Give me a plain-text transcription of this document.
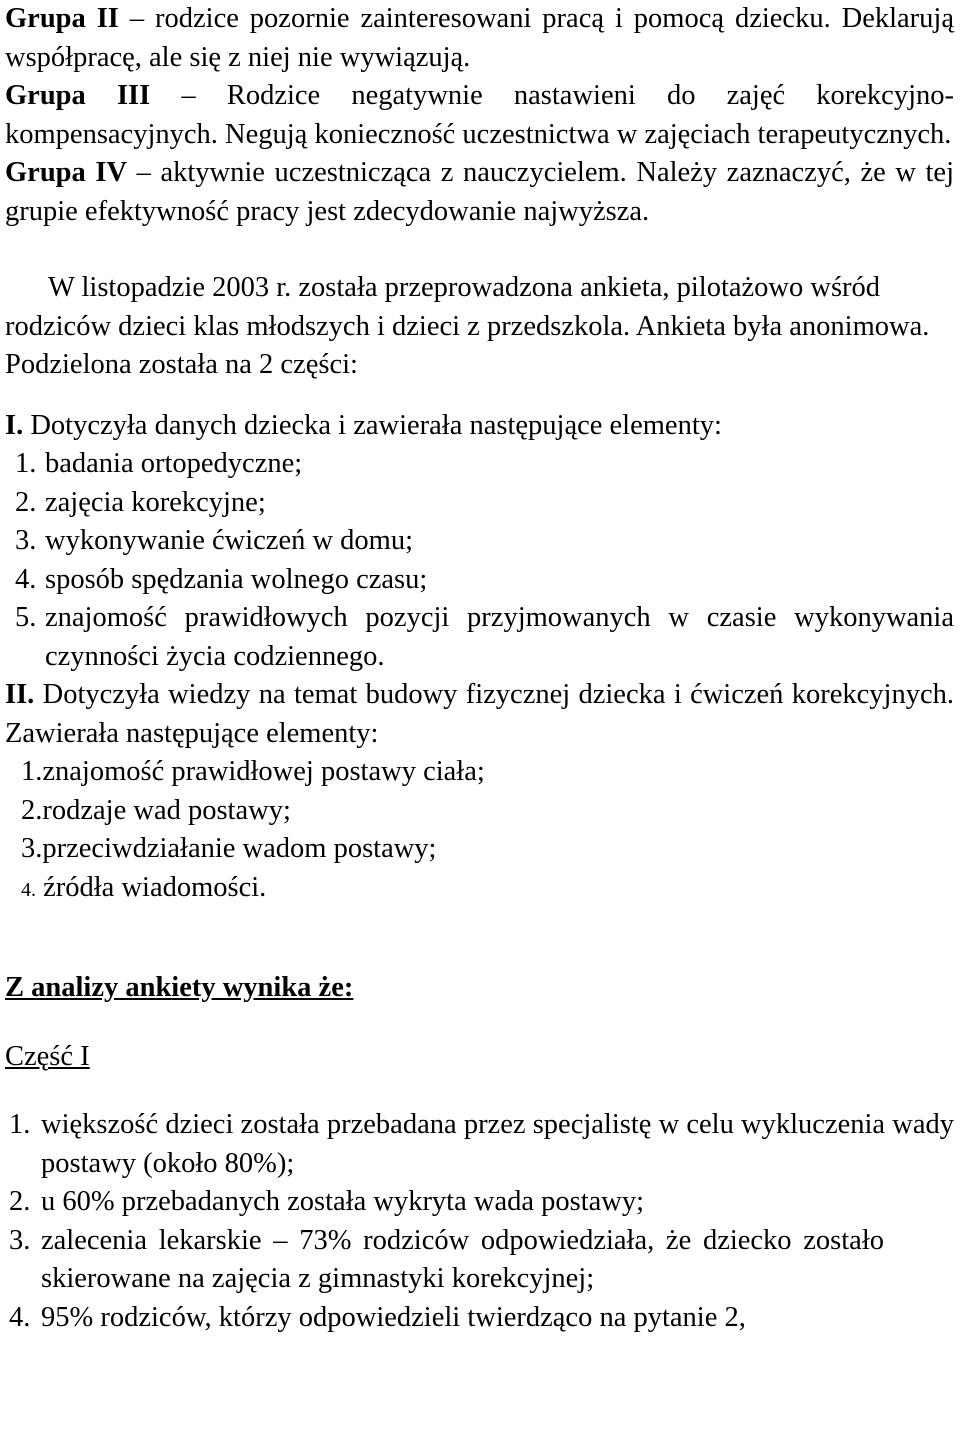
Grupa II – rodzice pozornie zainteresowani pracą i pomocą dziecku. Deklarują współpracę, ale się z niej nie wywiązują.

Grupa III – Rodzice negatywnie nastawieni do zajęć korekcyjno-kompensacyjnych. Negują konieczność uczestnictwa w zajęciach terapeutycznych.

Grupa IV – aktywnie uczestnicząca z nauczycielem. Należy zaznaczyć, że w tej grupie efektywność pracy jest zdecydowanie najwyższa.

W listopadzie 2003 r. została przeprowadzona ankieta, pilotażowo wśród rodziców dzieci klas młodszych i dzieci z przedszkola. Ankieta była anonimowa. Podzielona została na 2 części:

I. Dotyczyła danych dziecka i zawierała następujące elementy:

1. badania ortopedyczne;
2. zajęcia korekcyjne;
3. wykonywanie ćwiczeń w domu;
4. sposób spędzania wolnego czasu;
5. znajomość prawidłowych pozycji przyjmowanych w czasie wykonywania czynności życia codziennego.

II. Dotyczyła wiedzy na temat budowy fizycznej dziecka i ćwiczeń korekcyjnych. Zawierała następujące elementy:

1.znajomość prawidłowej postawy ciała;
2.rodzaje wad postawy;
3.przeciwdziałanie wadom postawy;
4. źródła wiadomości.

Z analizy ankiety wynika że:

Część I

1. większość dzieci została przebadana przez specjalistę w celu wykluczenia wady postawy (około 80%);
2. u 60% przebadanych została wykryta wada postawy;
3. zalecenia lekarskie – 73% rodziców odpowiedziała, że dziecko zostało skierowane na zajęcia z gimnastyki korekcyjnej;
4. 95% rodziców, którzy odpowiedzieli twierdząco na pytanie 2,
